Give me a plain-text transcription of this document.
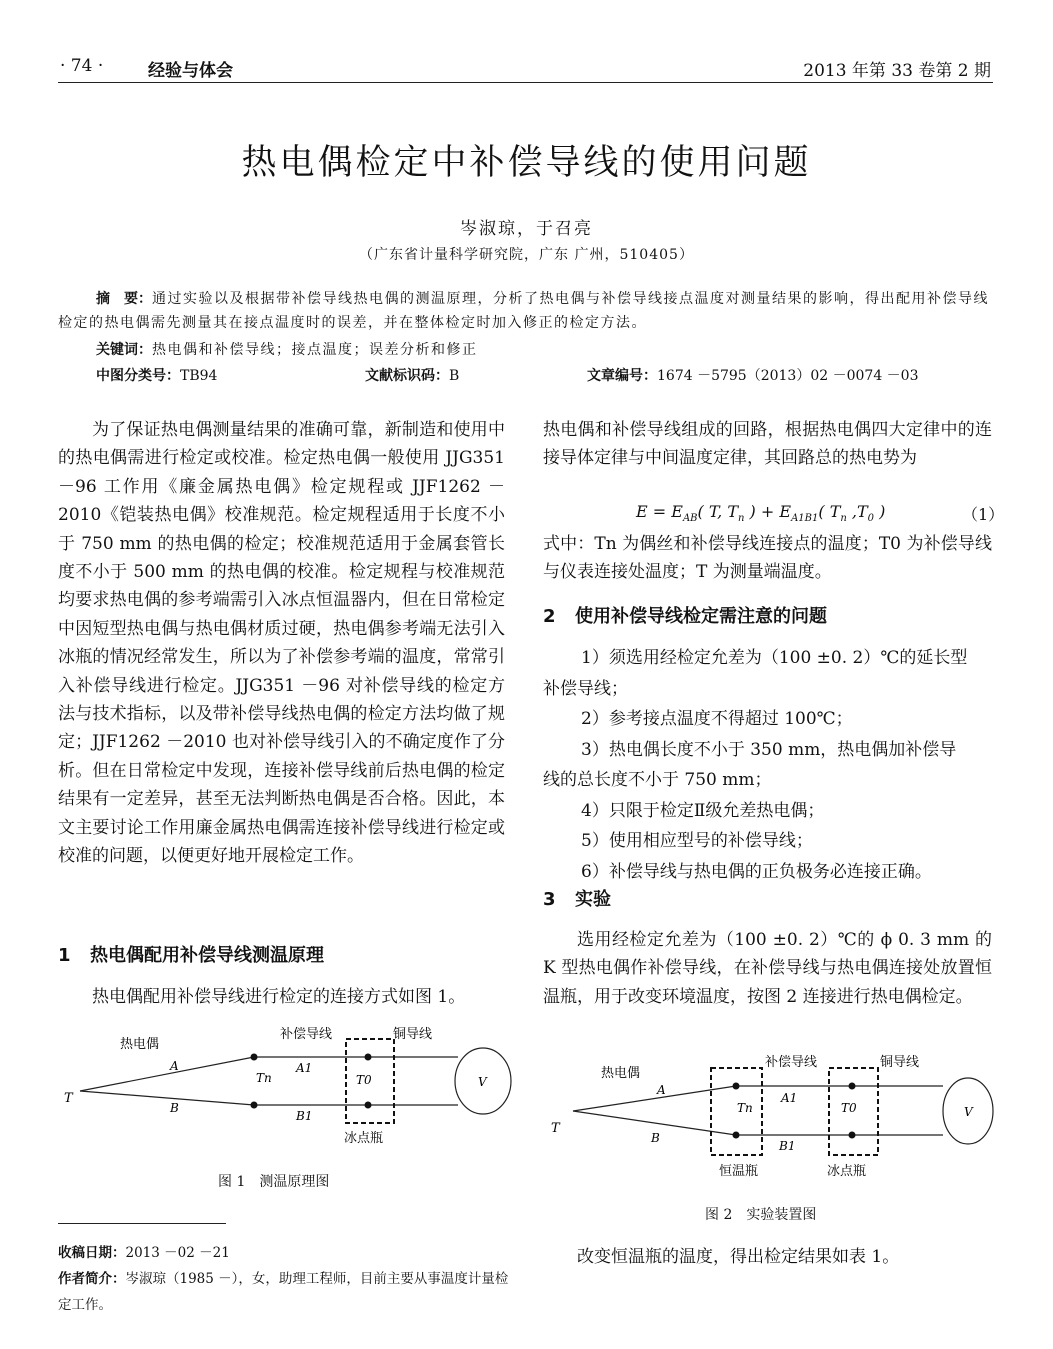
· 74 ·	经验与体会	2013 年第 33 卷第 2 期
热电偶检定中补偿导线的使用问题
岑淑琼，于召亮
（广东省计量科学研究院，广东 广州，510405）

摘　要：通过实验以及根据带补偿导线热电偶的测温原理，分析了热电偶与补偿导线接点温度对测量结果的影响，得出配用补偿导线检定的热电偶需先测量其在接点温度时的误差，并在整体检定时加入修正的检定方法。

关键词：热电偶和补偿导线；接点温度；误差分析和修正
中图分类号：TB94	文献标识码：B	文章编号：1674 －5795（2013）02 －0074 －03

为了保证热电偶测量结果的准确可靠，新制造和使用中的热电偶需进行检定或校准。检定热电偶一般使用 JJG351 －96 工作用《廉金属热电偶》检定规程或 JJF1262 －2010《铠装热电偶》校准规范。检定规程适用于长度不小于 750 mm 的热电偶的检定；校准规范适用于金属套管长度不小于 500 mm 的热电偶的校准。检定规程与校准规范均要求热电偶的参考端需引入冰点恒温器内，但在日常检定中因短型热电偶与热电偶材质过硬，热电偶参考端无法引入冰瓶的情况经常发生，所以为了补偿参考端的温度，常常引入补偿导线进行检定。JJG351 －96 对补偿导线的检定方法与技术指标，以及带补偿导线热电偶的检定方法均做了规定；JJF1262 －2010 也对补偿导线引入的不确定度作了分析。但在日常检定中发现，连接补偿导线前后热电偶的检定结果有一定差异，甚至无法判断热电偶是否合格。因此，本文主要讨论工作用廉金属热电偶需连接补偿导线进行检定或校准的问题，以便更好地开展检定工作。

1 热电偶配用补偿导线测温原理

热电偶配用补偿导线进行检定的连接方式如图 1。

热电偶
补偿导线	铜导线
T
A
B
Tn
A1
B1
T0
冰点瓶
V
图 1　测温原理图
收稿日期：2013 －02 －21
作者简介：岑淑琼（1985 －），女，助理工程师，目前主要从事温度计量检定工作。

热电偶和补偿导线组成的回路，根据热电偶四大定律中的连接导体定律与中间温度定律，其回路总的热电势为

$E = E_{AB}$( T, $T_n$ ) + $E_{A1B1}$( $T_n$ $,T_0$ )	（1）

式中：Tn 为偶丝和补偿导线连接点的温度；T0 为补偿导线与仪表连接处温度；T 为测量端温度。

2 使用补偿导线检定需注意的问题
1）须选用经检定允差为（100 ±0. 2）℃的延长型
补偿导线；
2）参考接点温度不得超过 100℃；
3）热电偶长度不小于 350 mm，热电偶加补偿导
线的总长度不小于 750 mm；
4）只限于检定Ⅱ级允差热电偶；
5）使用相应型号的补偿导线；
6）补偿导线与热电偶的正负极务必连接正确。
3 实验

选用经检定允差为（100 ±0. 2）℃的 ϕ 0. 3 mm 的 K 型热电偶作补偿导线，在补偿导线与热电偶连接处放置恒温瓶，用于改变环境温度，按图 2 连接进行热电偶检定。

热电偶
补偿导线	铜导线
T
A
B
Tn
A1
B1
T0
恒温瓶	冰点瓶
V
图 2　实验装置图

改变恒温瓶的温度，得出检定结果如表 1。
